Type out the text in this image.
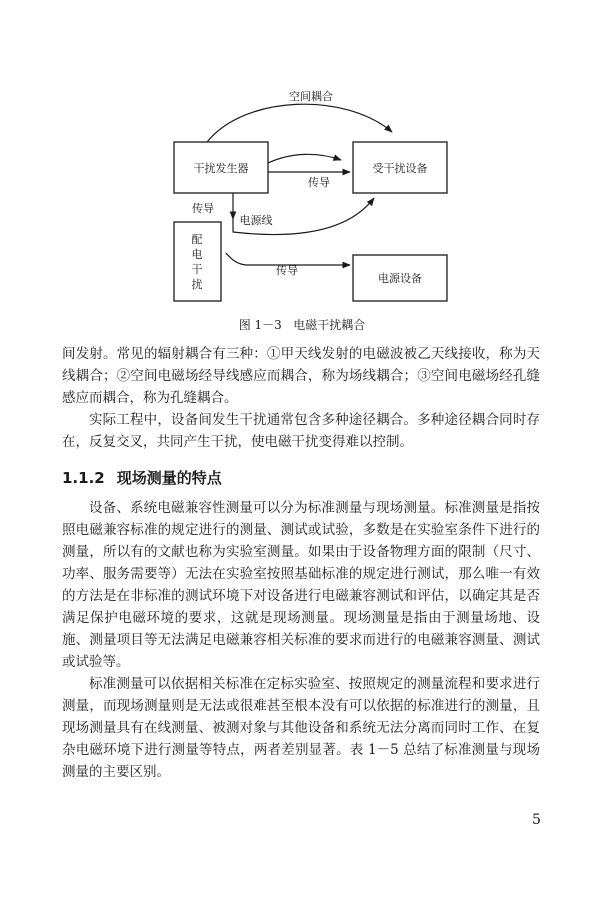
空间耦合
干扰发生器	受干扰设备
传导
传导
电源线
配
电
干
扰
传导
电源设备
图 1－3 电磁干扰耦合

间发射。常见的辐射耦合有三种：①甲天线发射的电磁波被乙天线接收，称为天线耦合；②空间电磁场经导线感应而耦合，称为场线耦合；③空间电磁场经孔缝感应而耦合，称为孔缝耦合。

实际工程中，设备间发生干扰通常包含多种途径耦合。多种途径耦合同时存在，反复交叉，共同产生干扰，使电磁干扰变得难以控制。

1.1.2 现场测量的特点

设备、系统电磁兼容性测量可以分为标准测量与现场测量。标准测量是指按照电磁兼容标准的规定进行的测量、测试或试验，多数是在实验室条件下进行的测量，所以有的文献也称为实验室测量。如果由于设备物理方面的限制（尺寸、功率、服务需要等）无法在实验室按照基础标准的规定进行测试，那么唯一有效的方法是在非标准的测试环境下对设备进行电磁兼容测试和评估，以确定其是否满足保护电磁环境的要求，这就是现场测量。现场测量是指由于测量场地、设施、测量项目等无法满足电磁兼容相关标准的要求而进行的电磁兼容测量、测试或试验等。

标准测量可以依据相关标准在定标实验室、按照规定的测量流程和要求进行测量，而现场测量则是无法或很难甚至根本没有可以依据的标准进行的测量，且现场测量具有在线测量、被测对象与其他设备和系统无法分离而同时工作、在复杂电磁环境下进行测量等特点，两者差别显著。表 1－5 总结了标准测量与现场测量的主要区别。

5
